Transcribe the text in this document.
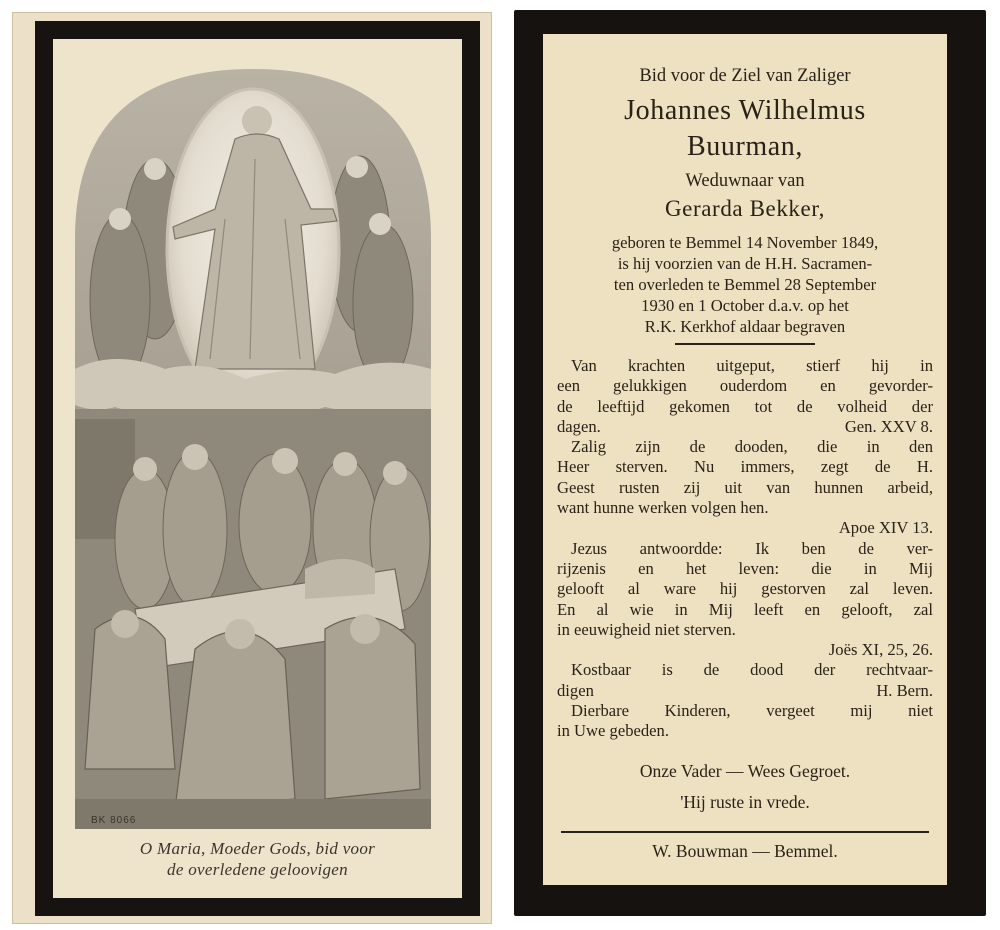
BK 8066
O Maria, Moeder Gods, bid voor
de overledene geloovigen
Bid voor de Ziel van Zaliger
Johannes Wilhelmus
Buurman,
Weduwnaar van
Gerarda Bekker,
geboren te Bemmel 14 November 1849,
is hij voorzien van de H.H. Sacramen-
ten overleden te Bemmel 28 September
1930 en 1 October d.a.v. op het
R.K. Kerkhof aldaar begraven
Van krachten uitgeput, stierf hij in
een gelukkigen ouderdom en gevorder-
de leeftijd gekomen tot de volheid der
dagen.	Gen. XXV 8.
Zalig zijn de dooden, die in den
Heer sterven. Nu immers, zegt de H.
Geest rusten zij uit van hunnen arbeid,
want hunne werken volgen hen.
Apoe XIV 13.
Jezus antwoordde: Ik ben de ver-
rijzenis en het leven: die in Mij
gelooft al ware hij gestorven zal leven.
En al wie in Mij leeft en gelooft, zal
in eeuwigheid niet sterven.
Joës XI, 25, 26.
Kostbaar is de dood der rechtvaar-
digen	H. Bern.
Dierbare Kinderen, vergeet mij niet
in Uwe gebeden.
Onze Vader — Wees Gegroet.
'Hij ruste in vrede.
W. Bouwman — Bemmel.
